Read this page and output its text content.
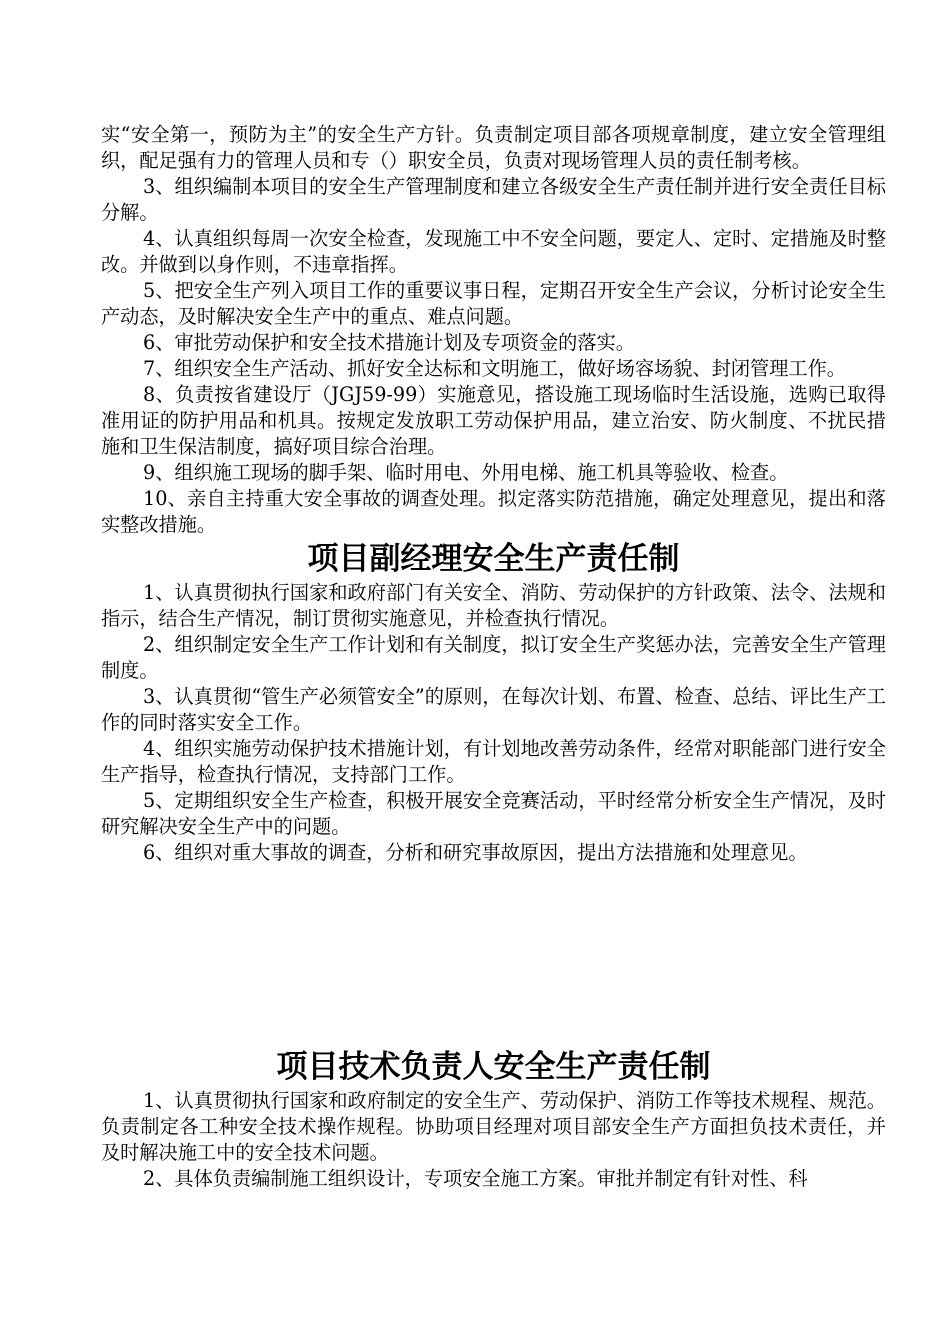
实“安全第一，预防为主”的安全生产方针。负责制定项目部各项规章制度，建立安全管理组织，配足强有力的管理人员和专（）职安全员，负责对现场管理人员的责任制考核。

3、组织编制本项目的安全生产管理制度和建立各级安全生产责任制并进行安全责任目标分解。

4、认真组织每周一次安全检查，发现施工中不安全问题，要定人、定时、定措施及时整改。并做到以身作则，不违章指挥。

5、把安全生产列入项目工作的重要议事日程，定期召开安全生产会议，分析讨论安全生产动态，及时解决安全生产中的重点、难点问题。

6、审批劳动保护和安全技术措施计划及专项资金的落实。

7、组织安全生产活动、抓好安全达标和文明施工，做好场容场貌、封闭管理工作。

8、负责按省建设厅（JGJ59-99）实施意见，搭设施工现场临时生活设施，选购已取得准用证的防护用品和机具。按规定发放职工劳动保护用品，建立治安、防火制度、不扰民措施和卫生保洁制度，搞好项目综合治理。

9、组织施工现场的脚手架、临时用电、外用电梯、施工机具等验收、检查。

10、亲自主持重大安全事故的调查处理。拟定落实防范措施，确定处理意见，提出和落实整改措施。

项目副经理安全生产责任制

1、认真贯彻执行国家和政府部门有关安全、消防、劳动保护的方针政策、法令、法规和指示，结合生产情况，制订贯彻实施意见，并检查执行情况。

2、组织制定安全生产工作计划和有关制度，拟订安全生产奖惩办法，完善安全生产管理制度。

3、认真贯彻“管生产必须管安全”的原则，在每次计划、布置、检查、总结、评比生产工作的同时落实安全工作。

4、组织实施劳动保护技术措施计划，有计划地改善劳动条件，经常对职能部门进行安全生产指导，检查执行情况，支持部门工作。

5、定期组织安全生产检查，积极开展安全竞赛活动，平时经常分析安全生产情况，及时研究解决安全生产中的问题。

6、组织对重大事故的调查，分析和研究事故原因，提出方法措施和处理意见。

项目技术负责人安全生产责任制

1、认真贯彻执行国家和政府制定的安全生产、劳动保护、消防工作等技术规程、规范。负责制定各工种安全技术操作规程。协助项目经理对项目部安全生产方面担负技术责任，并及时解决施工中的安全技术问题。

2、具体负责编制施工组织设计，专项安全施工方案。审批并制定有针对性、科
